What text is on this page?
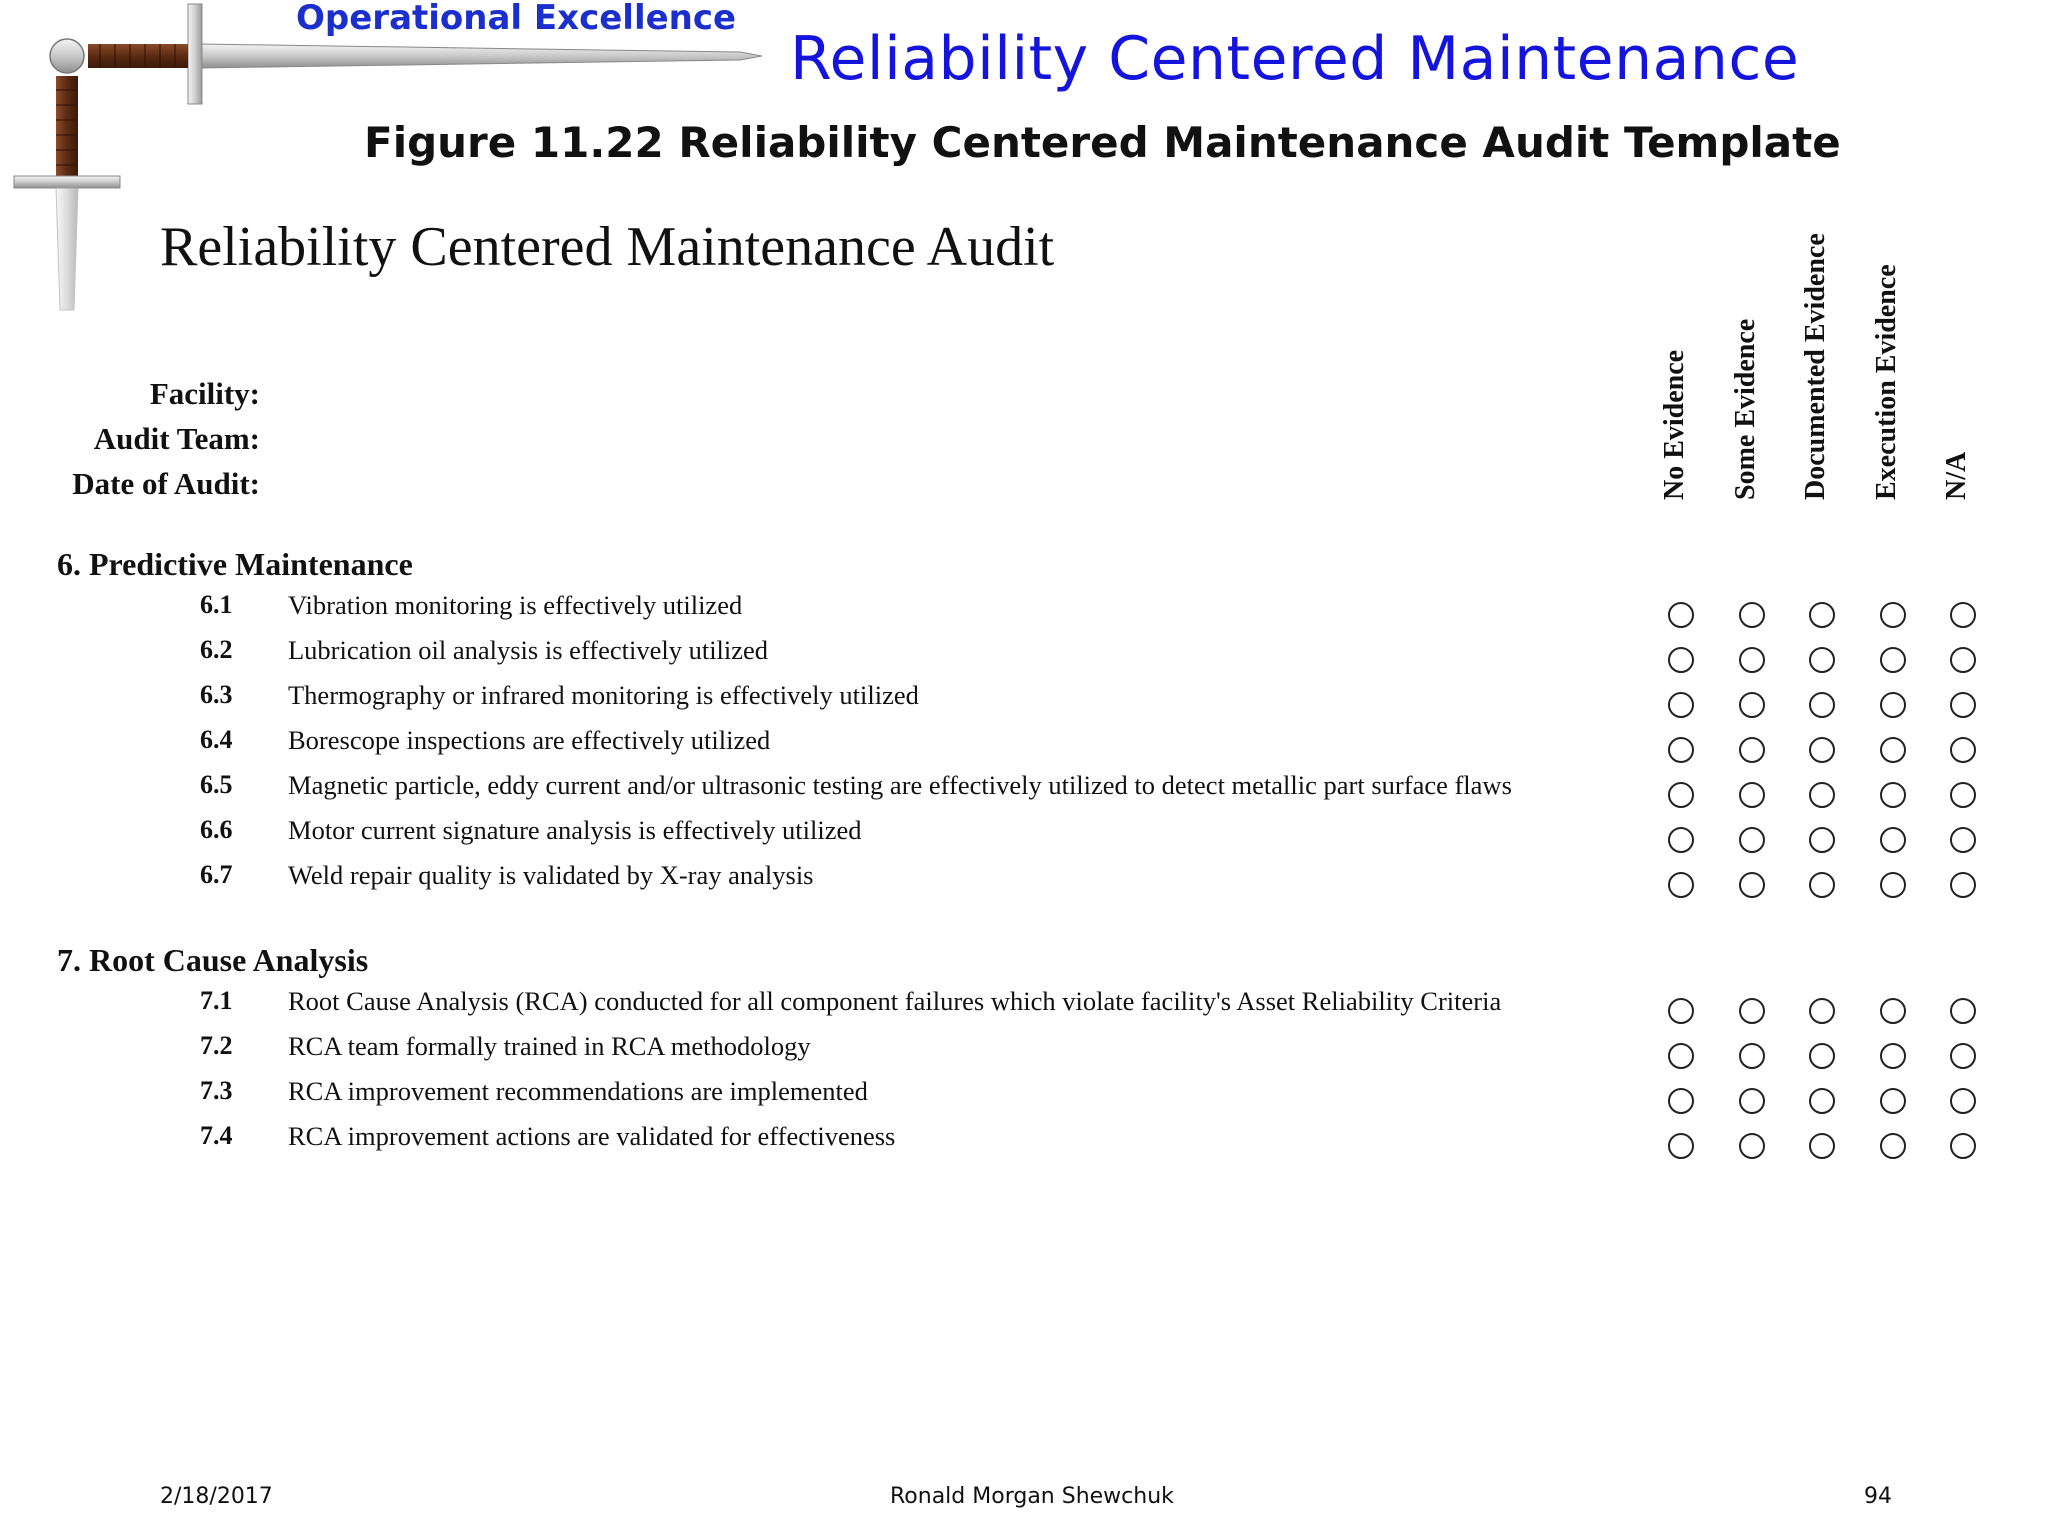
Operational Excellence
Reliability Centered Maintenance
Figure 11.22 Reliability Centered Maintenance Audit Template
Reliability Centered Maintenance Audit
Facility:
Audit Team:
Date of Audit:	No Evidence Some Evidence Documented Evidence Execution Evidence N/A
6. Predictive Maintenance
6.1 Vibration monitoring is effectively utilized
6.2 Lubrication oil analysis is effectively utilized
6.3 Thermography or infrared monitoring is effectively utilized
6.4 Borescope inspections are effectively utilized
6.5 Magnetic particle, eddy current and/or ultrasonic testing are effectively utilized to detect metallic part surface flaws
6.6 Motor current signature analysis is effectively utilized
6.7 Weld repair quality is validated by X-ray analysis
7. Root Cause Analysis
7.1 Root Cause Analysis (RCA) conducted for all component failures which violate facility's Asset Reliability Criteria
7.2 RCA team formally trained in RCA methodology
7.3 RCA improvement recommendations are implemented
7.4 RCA improvement actions are validated for effectiveness
2/18/2017	Ronald Morgan Shewchuk	94
